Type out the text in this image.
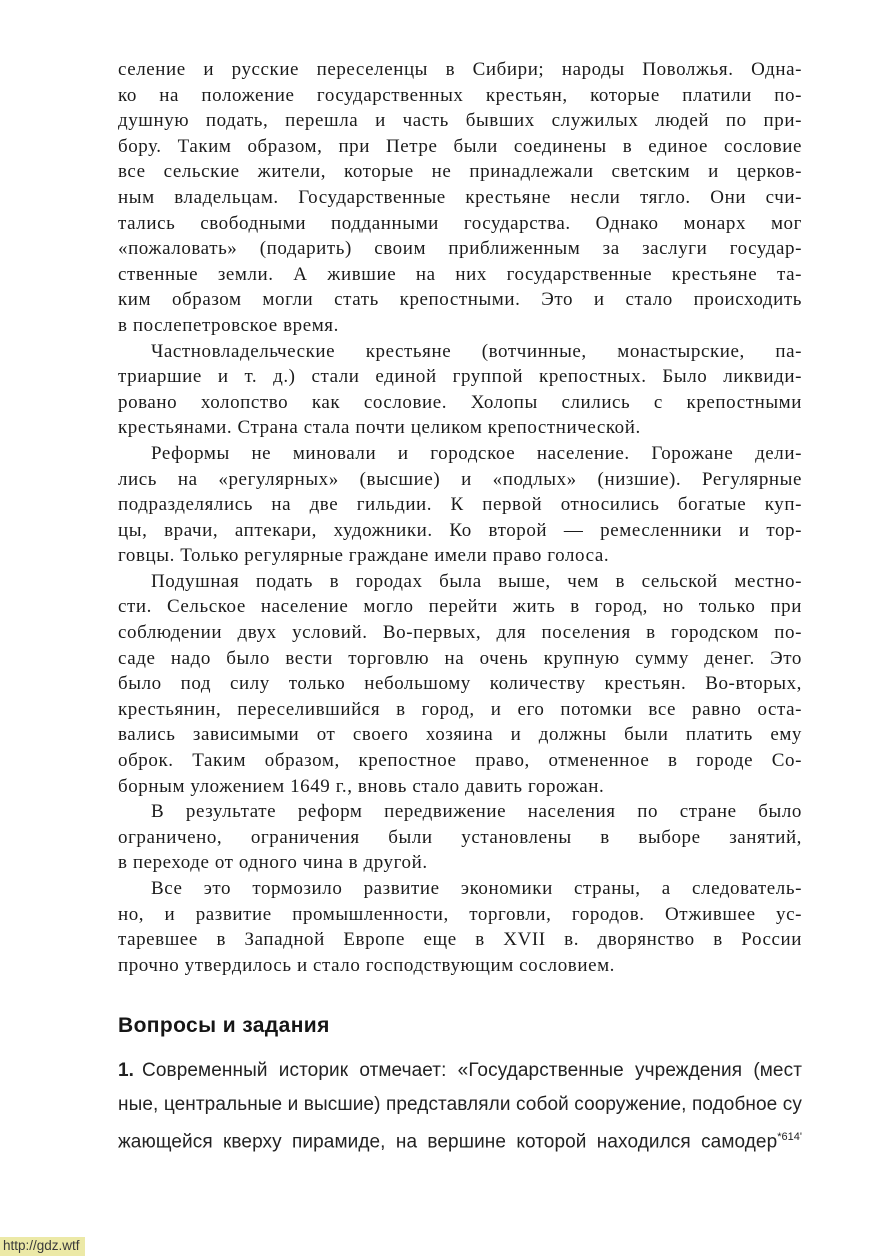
селение и русские переселенцы в Сибири; народы Поволжья. Одна-
ко на положение государственных крестьян, которые платили по-
душную подать, перешла и часть бывших служилых людей по при-
бору. Таким образом, при Петре были соединены в единое сословие
все сельские жители, которые не принадлежали светским и церков-
ным владельцам. Государственные крестьяне несли тягло. Они счи-
тались свободными подданными государства. Однако монарх мог
«пожаловать» (подарить) своим приближенным за заслуги государ-
ственные земли. А жившие на них государственные крестьяне та-
ким образом могли стать крепостными. Это и стало происходить
в послепетровское время.
Частновладельческие крестьяне (вотчинные, монастырские, па-
триаршие и т. д.) стали единой группой крепостных. Было ликвиди-
ровано холопство как сословие. Холопы слились с крепостными
крестьянами. Страна стала почти целиком крепостнической.
Реформы не миновали и городское население. Горожане дели-
лись на «регулярных» (высшие) и «подлых» (низшие). Регулярные
подразделялись на две гильдии. К первой относились богатые куп-
цы, врачи, аптекари, художники. Ко второй — ремесленники и тор-
говцы. Только регулярные граждане имели право голоса.
Подушная подать в городах была выше, чем в сельской местно-
сти. Сельское население могло перейти жить в город, но только при
соблюдении двух условий. Во-первых, для поселения в городском по-
саде надо было вести торговлю на очень крупную сумму денег. Это
было под силу только небольшому количеству крестьян. Во-вторых,
крестьянин, переселившийся в город, и его потомки все равно оста-
вались зависимыми от своего хозяина и должны были платить ему
оброк. Таким образом, крепостное право, отмененное в городе Со-
борным уложением 1649 г., вновь стало давить горожан.
В результате реформ передвижение населения по стране было
ограничено, ограничения были установлены в выборе занятий,
в переходе от одного чина в другой.
Все это тормозило развитие экономики страны, а следователь-
но, и развитие промышленности, торговли, городов. Отжившее ус-
таревшее в Западной Европе еще в XVII в. дворянство в России
прочно утвердилось и стало господствующим сословием.
Вопросы и задания
1. Современный историк отмечает: «Государственные учреждения (мест
ные, центральные и высшие) представляли собой сооружение, подобное су
жающейся кверху пирамиде, на вершине которой находился самодер$^{*614'}$
http://gdz.wtf
